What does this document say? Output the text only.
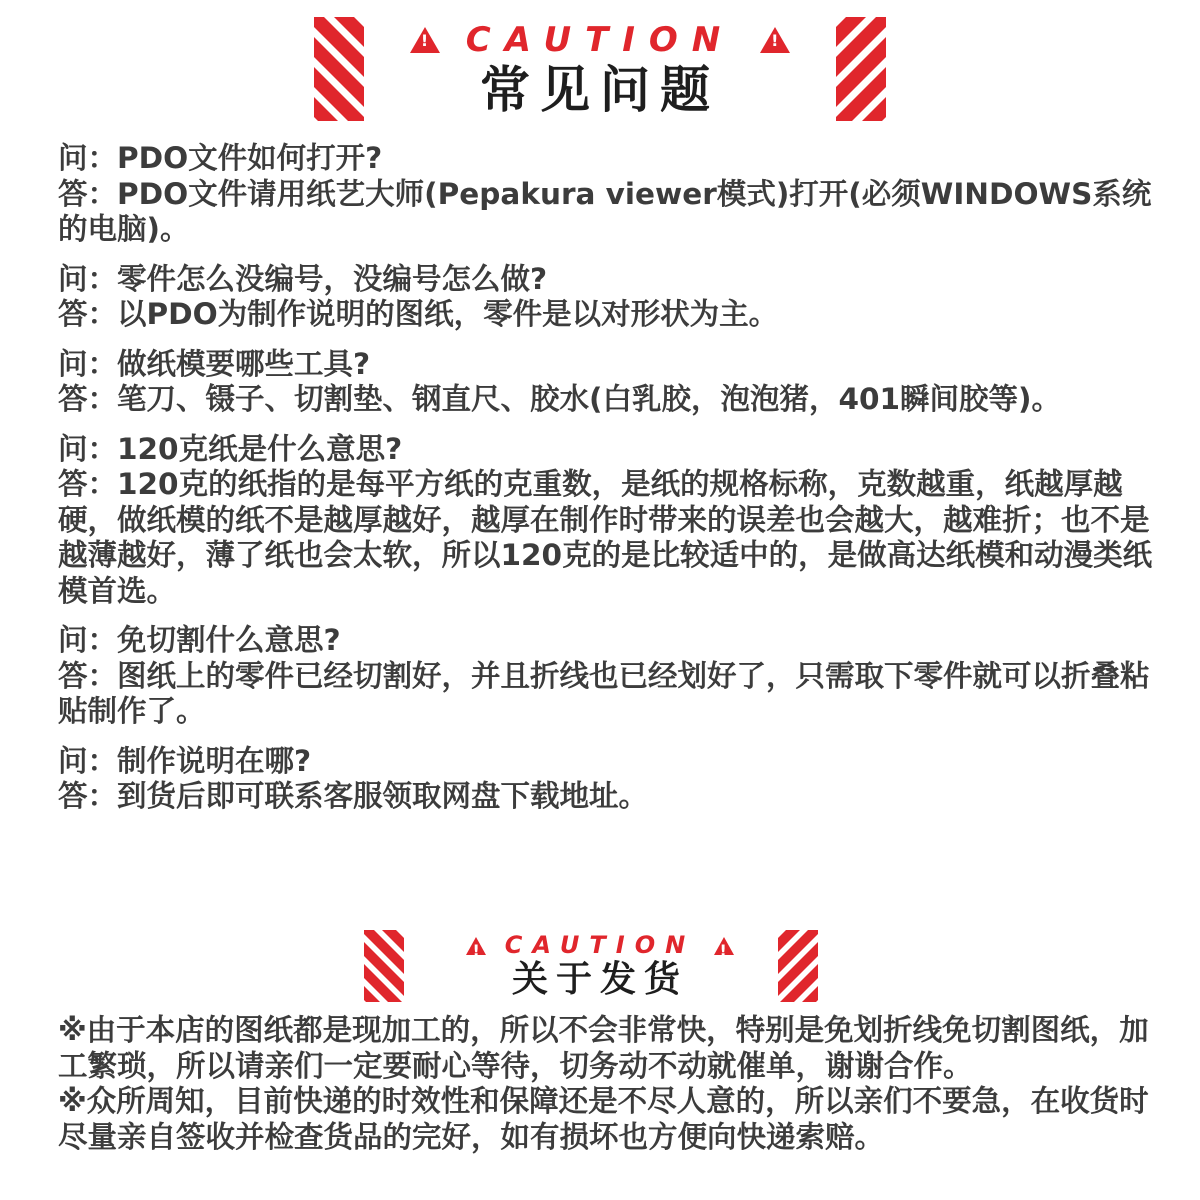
! CAUTION !
常见问题

问：PDO文件如何打开?

答：PDO文件请用纸艺大师(Pepakura viewer模式)打开(必须WINDOWS系统的电脑)。

问：零件怎么没编号，没编号怎么做?

答：以PDO为制作说明的图纸，零件是以对形状为主。

问：做纸模要哪些工具?

答：笔刀、镊子、切割垫、钢直尺、胶水(白乳胶，泡泡猪，401瞬间胶等)。

问：120克纸是什么意思?

答：120克的纸指的是每平方纸的克重数，是纸的规格标称，克数越重，纸越厚越硬，做纸模的纸不是越厚越好，越厚在制作时带来的误差也会越大，越难折；也不是越薄越好，薄了纸也会太软，所以120克的是比较适中的，是做高达纸模和动漫类纸模首选。

问：免切割什么意思?

答：图纸上的零件已经切割好，并且折线也已经划好了，只需取下零件就可以折叠粘贴制作了。

问：制作说明在哪?

答：到货后即可联系客服领取网盘下载地址。

! CAUTION !
关于发货

※由于本店的图纸都是现加工的，所以不会非常快，特别是免划折线免切割图纸，加工繁琐，所以请亲们一定要耐心等待，切务动不动就催单，谢谢合作。

※众所周知，目前快递的时效性和保障还是不尽人意的，所以亲们不要急，在收货时尽量亲自签收并检查货品的完好，如有损坏也方便向快递索赔。
